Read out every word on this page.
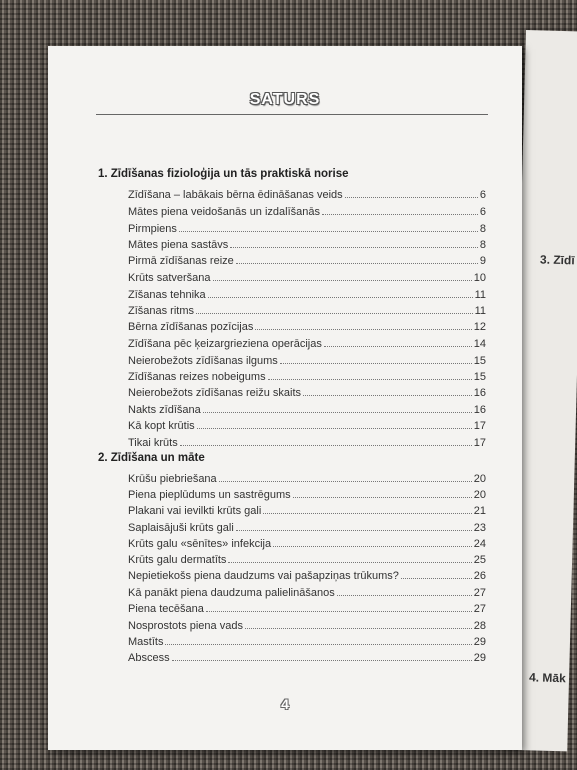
3. Zīdī
4. Māk
SATURS
1. Zīdīšanas fizioloģija un tās praktiskā norise
Zīdīšana – labākais bērna ēdināšanas veids	6
Mātes piena veidošanās un izdalīšanās	6
Pirmpiens	8
Mātes piena sastāvs	8
Pirmā zīdīšanas reize	9
Krūts satveršana	10
Zīšanas tehnika	11
Zīšanas ritms	11
Bērna zīdīšanas pozīcijas	12
Zīdīšana pēc ķeizargrieziena operācijas	14
Neierobežots zīdīšanas ilgums	15
Zīdīšanas reizes nobeigums	15
Neierobežots zīdīšanas reižu skaits	16
Nakts zīdīšana	16
Kā kopt krūtis	17
Tikai krūts	17
2. Zīdīšana un māte
Krūšu piebriešana	20
Piena pieplūdums un sastrēgums	20
Plakani vai ievilkti krūts gali	21
Saplaisājuši krūts gali	23
Krūts galu «sēnītes» infekcija	24
Krūts galu dermatīts	25
Nepietiekošs piena daudzums vai pašapziņas trūkums?	26
Kā panākt piena daudzuma palielināšanos	27
Piena tecēšana	27
Nosprostots piena vads	28
Mastīts	29
Abscess	29
4
